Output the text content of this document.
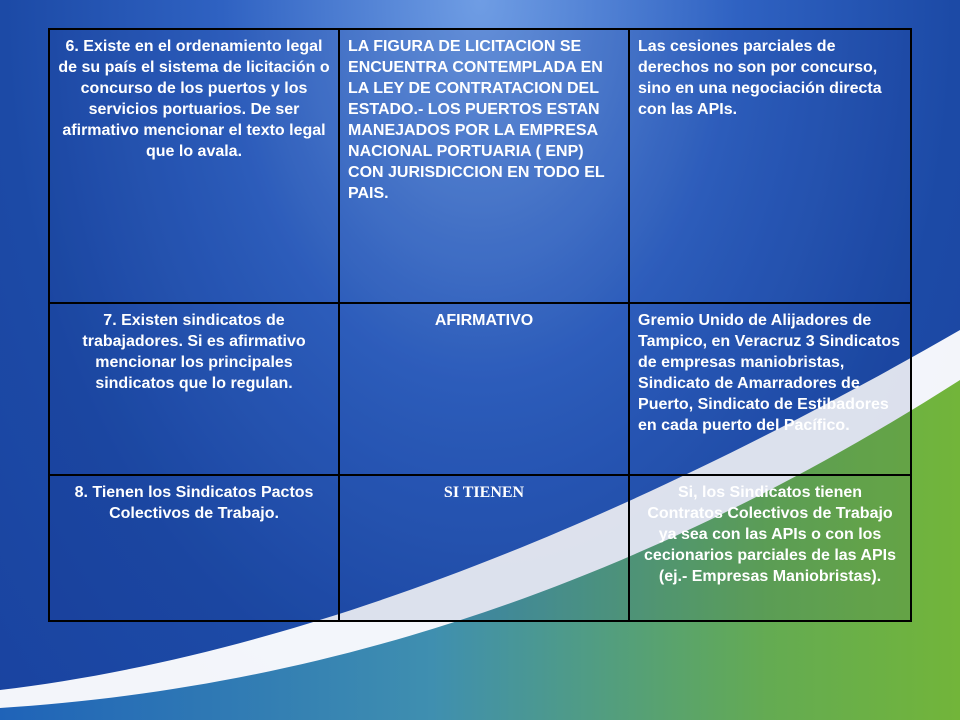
6. Existe en el ordenamiento legal de su país el sistema de licitación o concurso de los puertos y los servicios portuarios. De ser afirmativo mencionar el texto legal que lo avala.	LA FIGURA DE LICITACION SE ENCUENTRA CONTEMPLADA EN LA LEY DE CONTRATACION DEL ESTADO.- LOS PUERTOS ESTAN MANEJADOS POR LA EMPRESA NACIONAL PORTUARIA ( ENP) CON JURISDICCION EN TODO EL PAIS.	Las cesiones parciales de derechos no son por concurso, sino en una negociación directa con las APIs.
7. Existen sindicatos de trabajadores. Si es afirmativo mencionar los principales sindicatos que lo regulan.	AFIRMATIVO	Gremio Unido de Alijadores de Tampico, en Veracruz 3 Sindicatos de empresas maniobristas, Sindicato de Amarradores de Puerto, Sindicato de Estibadores en cada puerto del Pacífico.
8. Tienen los Sindicatos Pactos Colectivos de Trabajo.	SI TIENEN	Si, los Sindicatos tienen Contratos Colectivos de Trabajo ya sea con las APIs o con los cecionarios parciales de las APIs (ej.- Empresas Maniobristas).
